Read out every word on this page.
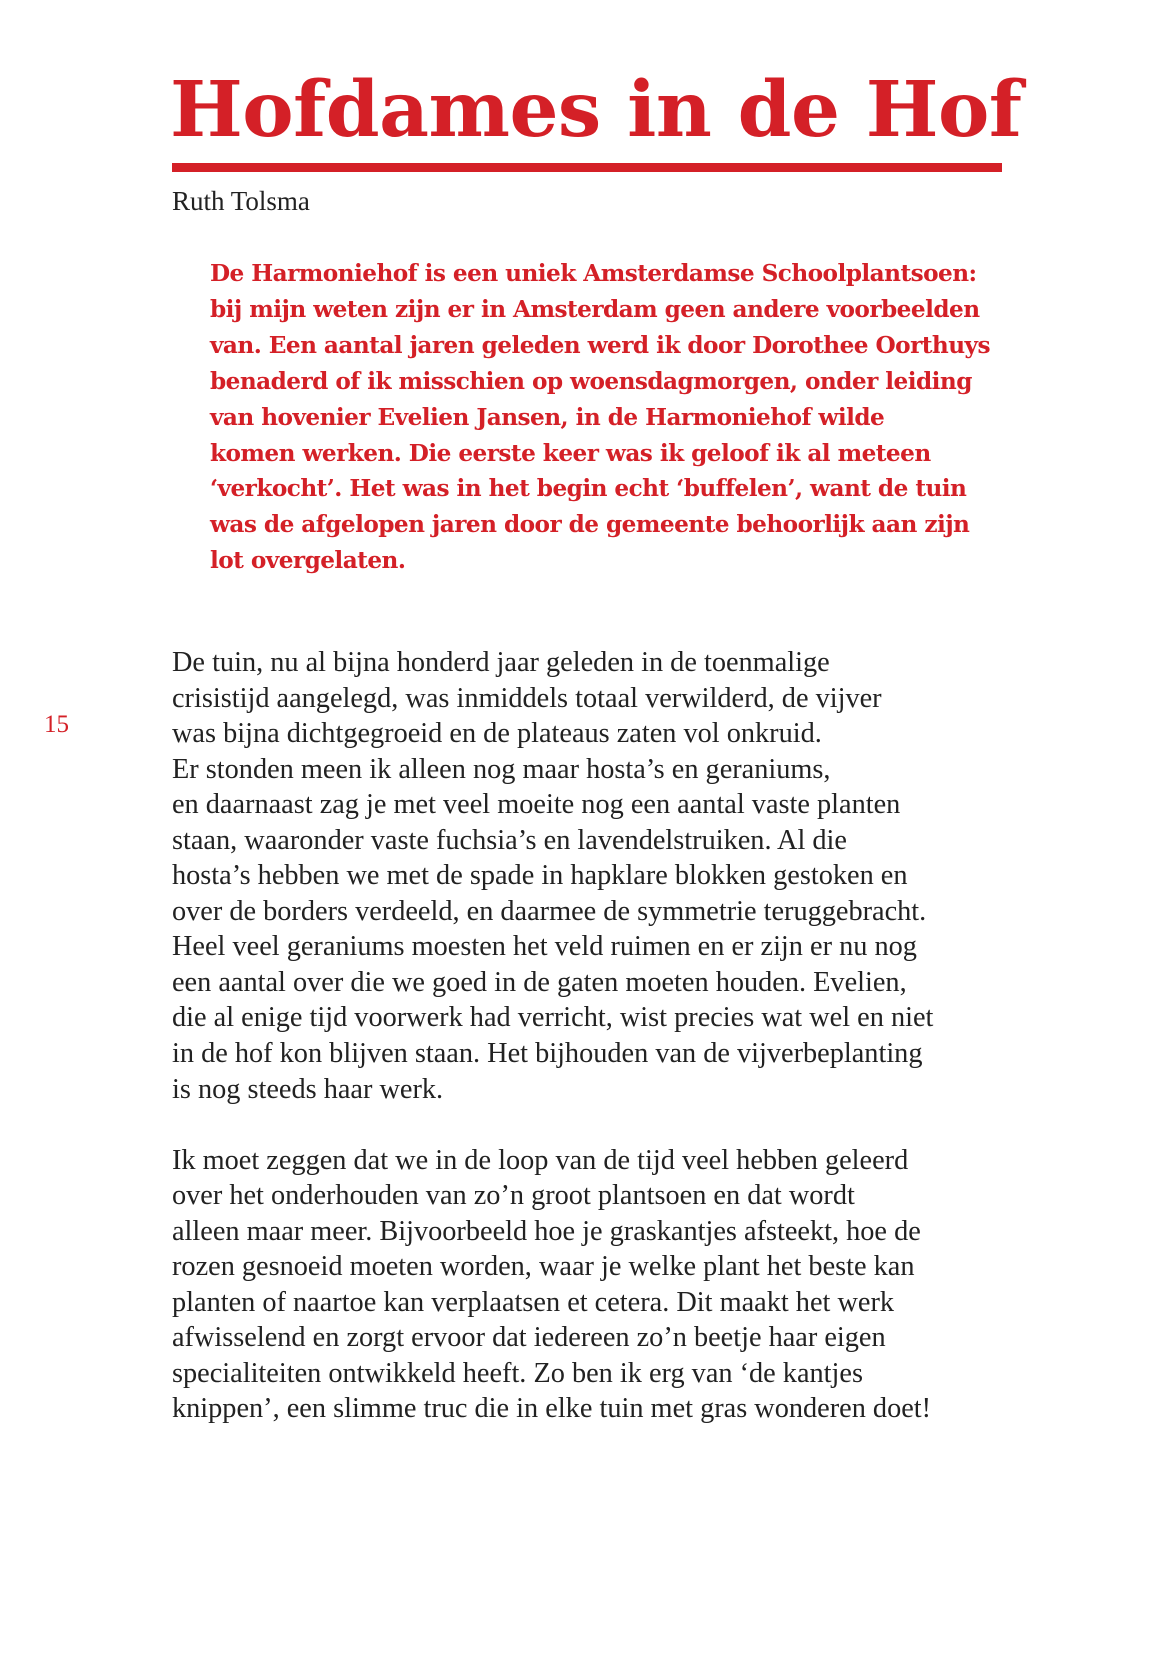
Hofdames in de Hof
Ruth Tolsma
De Harmoniehof is een uniek Amsterdamse Schoolplantsoen:
bij mijn weten zijn er in Amsterdam geen andere voorbeelden
van. Een aantal jaren geleden werd ik door Dorothee Oorthuys
benaderd of ik misschien op woensdagmorgen, onder leiding
van hovenier Evelien Jansen, in de Harmoniehof wilde
komen werken. Die eerste keer was ik geloof ik al meteen
‘verkocht’. Het was in het begin echt ‘buffelen’, want de tuin
was de afgelopen jaren door de gemeente behoorlijk aan zijn
lot overgelaten.
15

De tuin, nu al bijna honderd jaar geleden in de toenmalige
crisistijd aangelegd, was inmiddels totaal verwilderd, de vijver
was bijna dichtgegroeid en de plateaus zaten vol onkruid.
Er stonden meen ik alleen nog maar hosta’s en geraniums,
en daarnaast zag je met veel moeite nog een aantal vaste planten
staan, waaronder vaste fuchsia’s en lavendelstruiken. Al die
hosta’s hebben we met de spade in hapklare blokken gestoken en
over de borders verdeeld, en daarmee de symmetrie teruggebracht.
Heel veel geraniums moesten het veld ruimen en er zijn er nu nog
een aantal over die we goed in de gaten moeten houden. Evelien,
die al enige tijd voorwerk had verricht, wist precies wat wel en niet
in de hof kon blijven staan. Het bijhouden van de vijverbeplanting
is nog steeds haar werk.

Ik moet zeggen dat we in de loop van de tijd veel hebben geleerd
over het onderhouden van zo’n groot plantsoen en dat wordt
alleen maar meer. Bijvoorbeeld hoe je graskantjes afsteekt, hoe de
rozen gesnoeid moeten worden, waar je welke plant het beste kan
planten of naartoe kan verplaatsen et cetera. Dit maakt het werk
afwisselend en zorgt ervoor dat iedereen zo’n beetje haar eigen
specialiteiten ontwikkeld heeft. Zo ben ik erg van ‘de kantjes
knippen’, een slimme truc die in elke tuin met gras wonderen doet!
